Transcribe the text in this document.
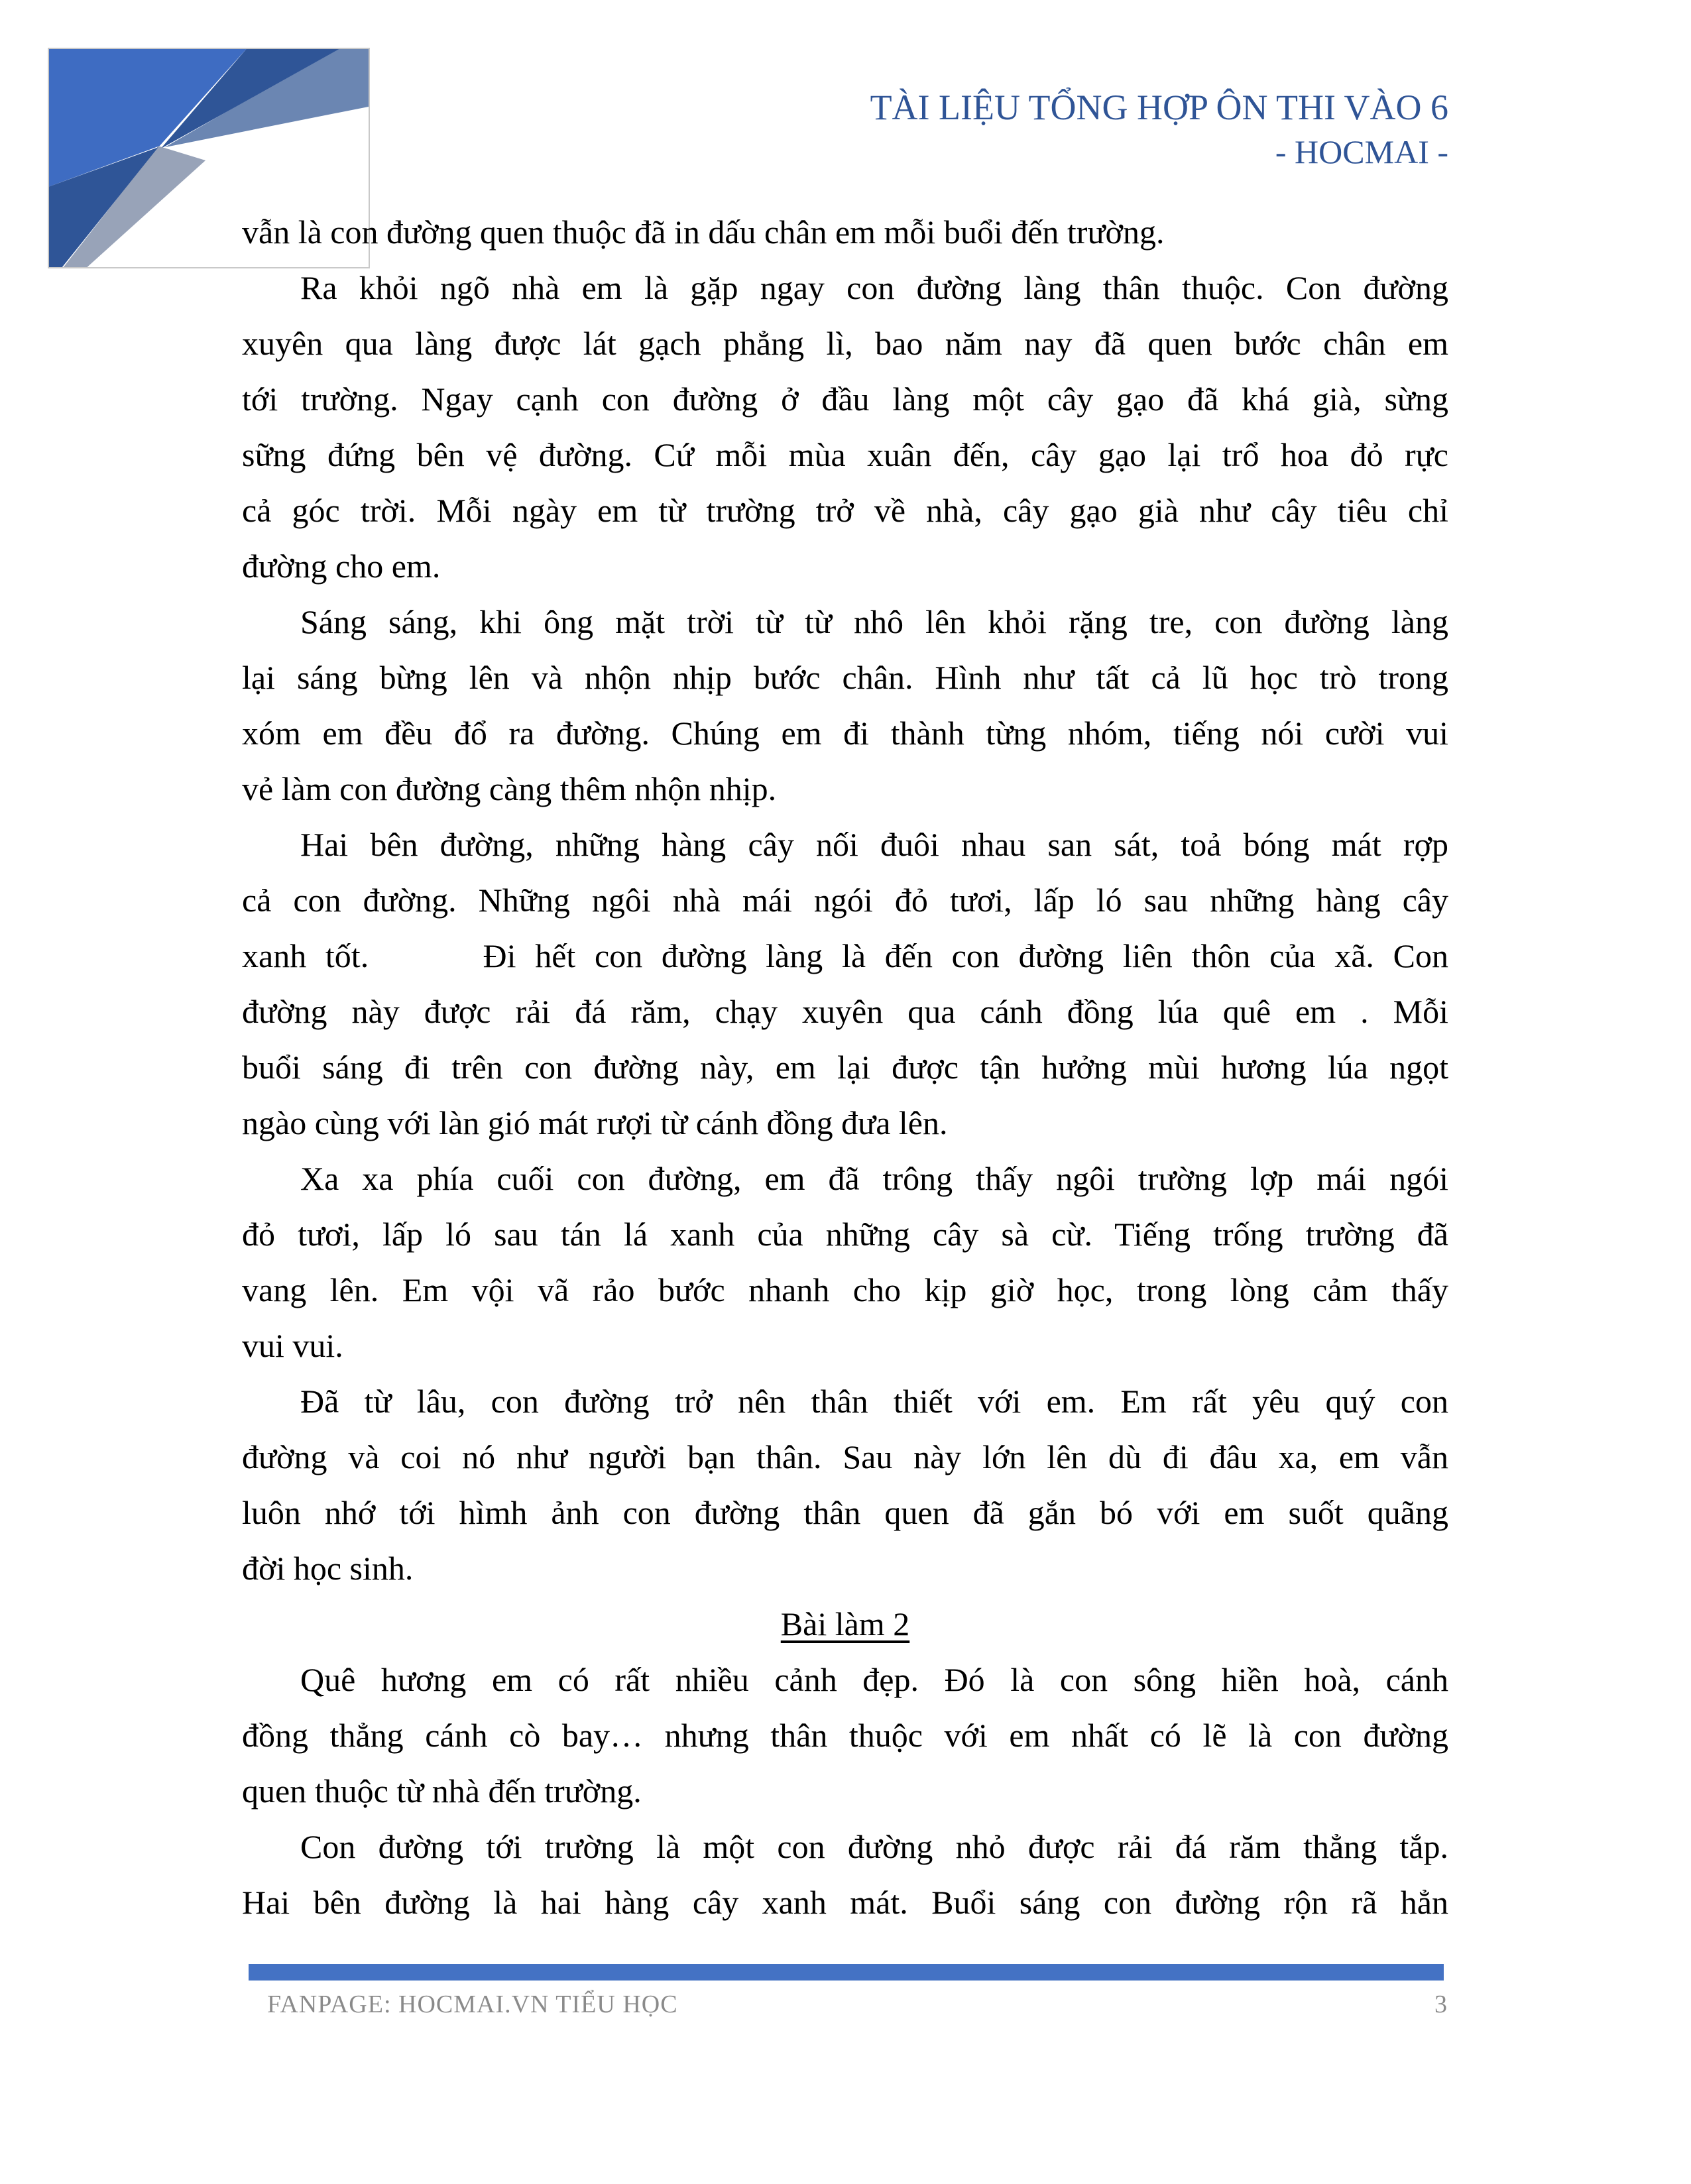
TÀI LIỆU TỔNG HỢP ÔN THI VÀO 6
- HOCMAI -
vẫn là con đường quen thuộc đã in dấu chân em mỗi buổi đến trường.
Ra khỏi ngõ nhà em là gặp ngay con đường làng thân thuộc. Con đường
xuyên qua làng được lát gạch phẳng lì, bao năm nay đã quen bước chân em
tới trường. Ngay cạnh con đường ở đầu làng một cây gạo đã khá già, sừng
sững đứng bên vệ đường. Cứ mỗi mùa xuân đến, cây gạo lại trổ hoa đỏ rực
cả góc trời. Mỗi ngày em từ trường trở về nhà, cây gạo già như cây tiêu chỉ
đường cho em.
Sáng sáng, khi ông mặt trời từ từ nhô lên khỏi rặng tre, con đường làng
lại sáng bừng lên và nhộn nhịp bước chân. Hình như tất cả lũ học trò trong
xóm em đều đổ ra đường. Chúng em đi thành từng nhóm, tiếng nói cười vui
vẻ làm con đường càng thêm nhộn nhịp.
Hai bên đường, những hàng cây nối đuôi nhau san sát, toả bóng mát rợp
cả con đường. Những ngôi nhà mái ngói đỏ tươi, lấp ló sau những hàng cây
xanh tốt.      Đi hết con đường làng là đến con đường liên thôn của xã. Con
đường này được rải đá răm, chạy xuyên qua cánh đồng lúa quê em . Mỗi
buổi sáng đi trên con đường này, em lại được tận hưởng mùi hương lúa ngọt
ngào cùng với làn gió mát rượi từ cánh đồng đưa lên.
Xa xa phía cuối con đường, em đã trông thấy ngôi trường lợp mái ngói
đỏ tươi, lấp ló sau tán lá xanh của những cây sà cừ. Tiếng trống trường đã
vang lên. Em vội vã rảo bước nhanh cho kịp giờ học, trong lòng cảm thấy
vui vui.
Đã từ lâu, con đường trở nên thân thiết với em. Em rất yêu quý con
đường và coi nó như người bạn thân. Sau này lớn lên dù đi đâu xa, em vẫn
luôn nhớ tới hìmh ảnh con đường thân quen đã gắn bó với em suốt quãng
đời học sinh.
Bài làm 2
Quê hương em có rất nhiều cảnh đẹp. Đó là con sông hiền hoà, cánh
đồng thẳng cánh cò bay… nhưng thân thuộc với em nhất có lẽ là con đường
quen thuộc từ nhà đến trường.
Con đường tới trường là một con đường nhỏ được rải đá răm thẳng tắp.
Hai bên đường là hai hàng cây xanh mát. Buổi sáng con đường rộn rã hẳn
FANPAGE: HOCMAI.VN TIỂU HỌC	3
